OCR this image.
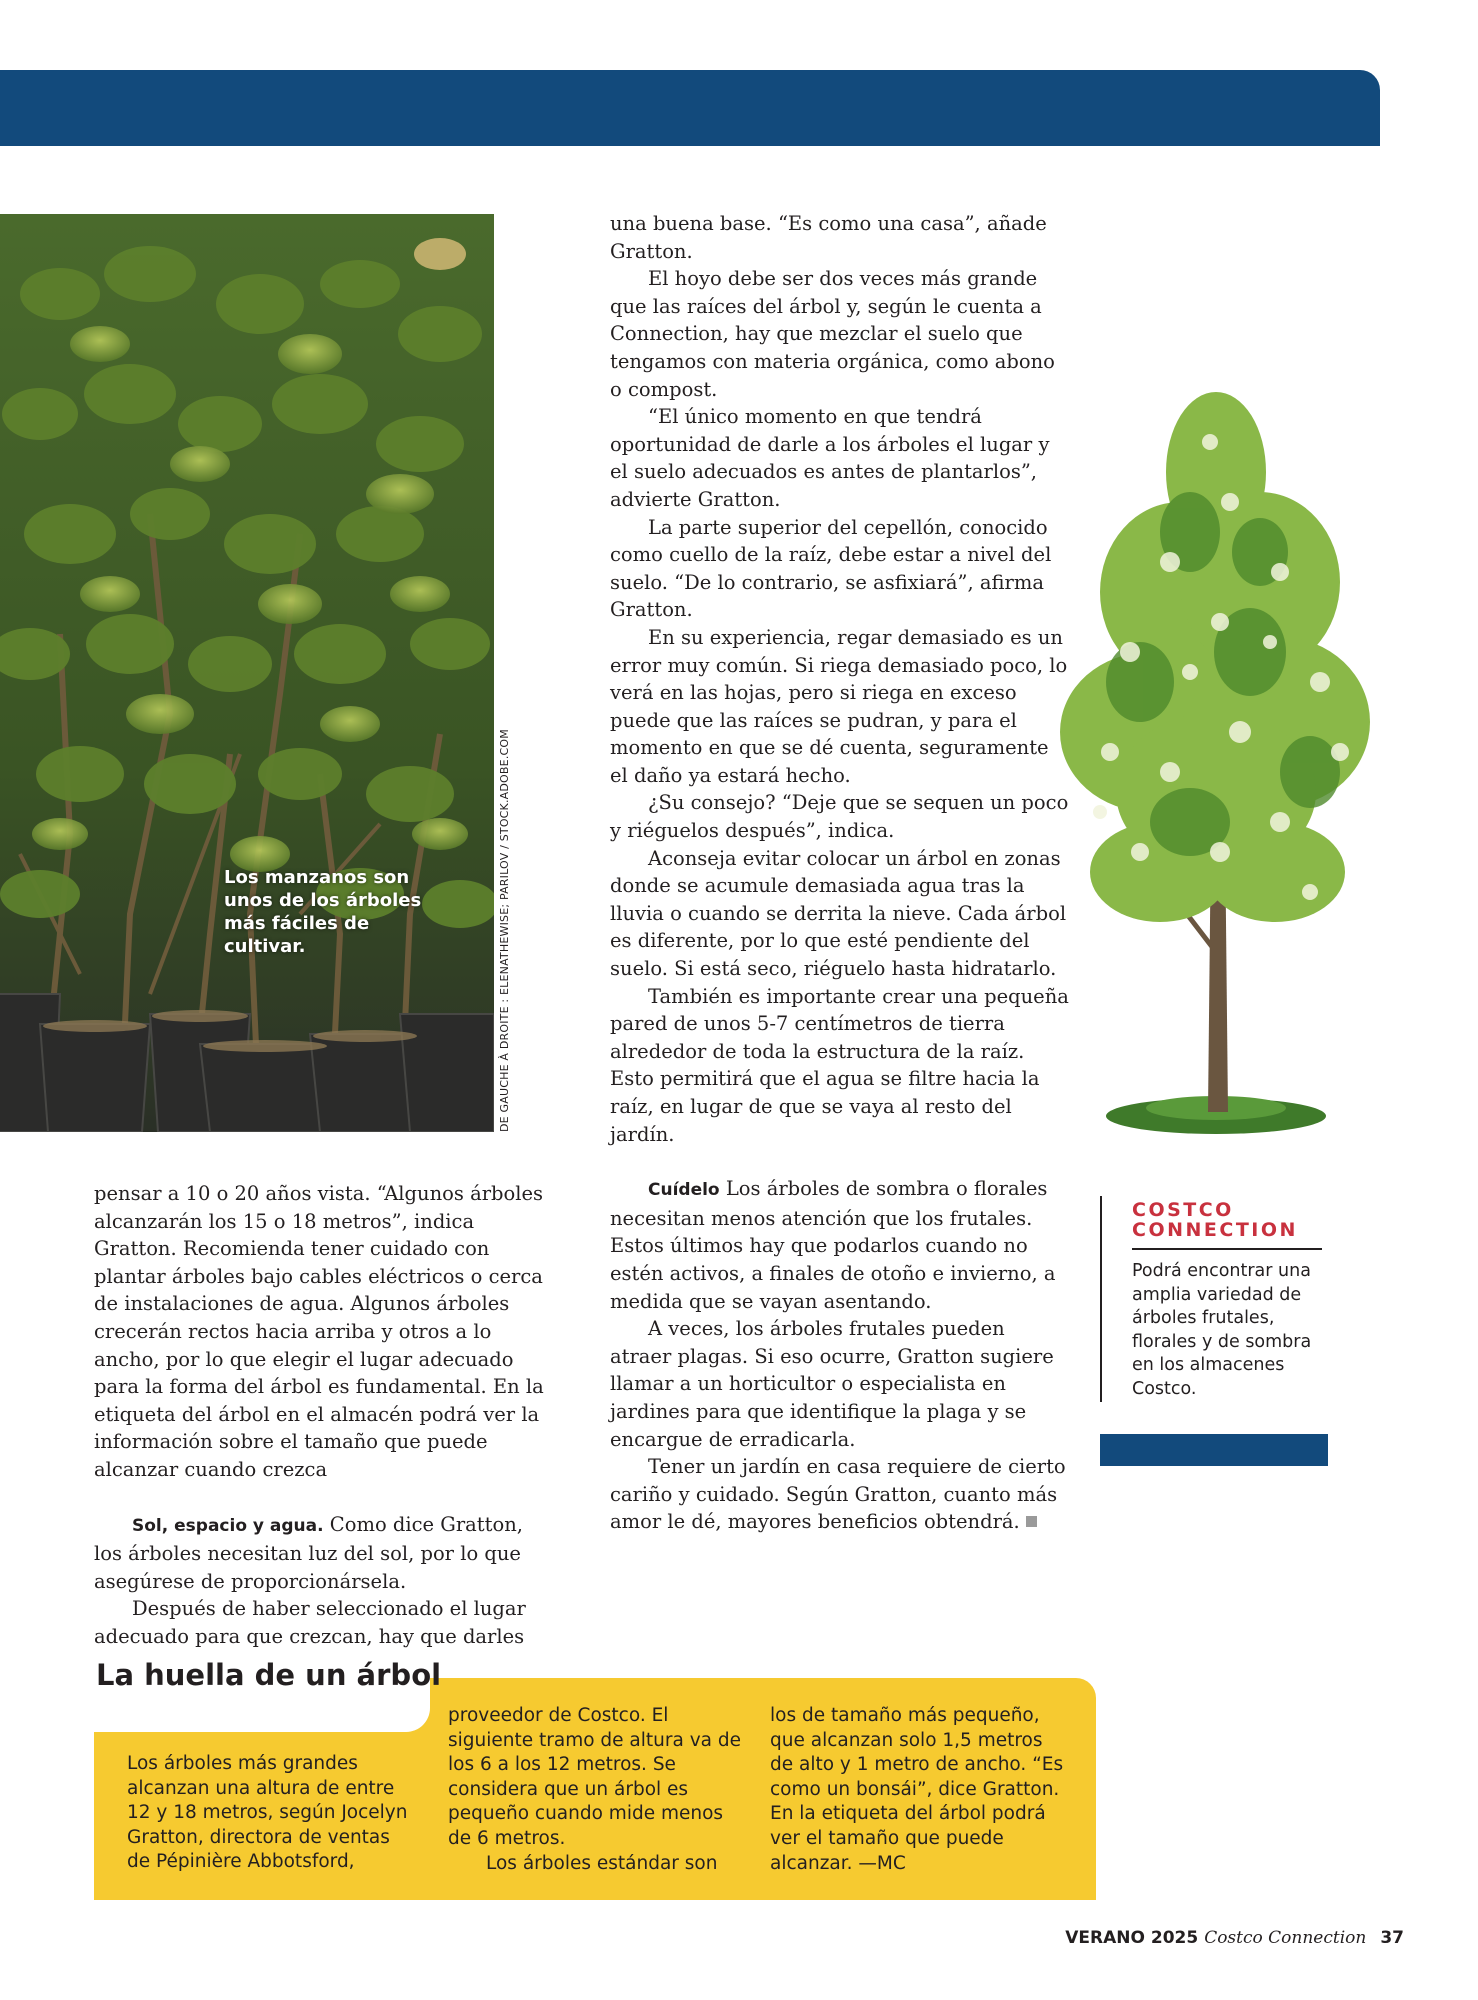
Los manzanos son unos de los árboles más fáciles de cultivar.	DE GAUCHE À DROITE : ELENATHEWISE; PARILOV / STOCK.ADOBE.COM

pensar a 10 o 20 años vista. “Algunos árboles alcanzarán los 15 o 18 metros”, indica Gratton. Recomienda tener cuidado con plantar árboles bajo cables eléctricos o cerca de instalaciones de agua. Algunos árboles crecerán rectos hacia arriba y otros a lo ancho, por lo que elegir el lugar adecuado para la forma del árbol es fundamental. En la etiqueta del árbol en el almacén podrá ver la información sobre el tamaño que puede alcanzar cuando crezca

Sol, espacio y agua. Como dice Gratton, los árboles necesitan luz del sol, por lo que asegúrese de proporcionársela.

Después de haber seleccionado el lugar adecuado para que crezcan, hay que darles

una buena base. “Es como una casa”, añade Gratton.

El hoyo debe ser dos veces más grande que las raíces del árbol y, según le cuenta a Connection, hay que mezclar el suelo que tengamos con materia orgánica, como abono o compost.

“El único momento en que tendrá oportunidad de darle a los árboles el lugar y el suelo adecuados es antes de plantarlos”, advierte Gratton.

La parte superior del cepellón, conocido como cuello de la raíz, debe estar a nivel del suelo. “De lo contrario, se asfixiará”, afirma Gratton.

En su experiencia, regar demasiado es un error muy común. Si riega demasiado poco, lo verá en las hojas, pero si riega en exceso puede que las raíces se pudran, y para el momento en que se dé cuenta, seguramente el daño ya estará hecho.

¿Su consejo? “Deje que se sequen un poco y riéguelos después”, indica.

Aconseja evitar colocar un árbol en zonas donde se acumule demasiada agua tras la lluvia o cuando se derrita la nieve. Cada árbol es diferente, por lo que esté pendiente del suelo. Si está seco, riéguelo hasta hidratarlo.

También es importante crear una pequeña pared de unos 5-7 centímetros de tierra alrededor de toda la estructura de la raíz. Esto permitirá que el agua se filtre hacia la raíz, en lugar de que se vaya al resto del jardín.

Cuídelo Los árboles de sombra o florales necesitan menos atención que los frutales. Estos últimos hay que podarlos cuando no estén activos, a finales de otoño e invierno, a medida que se vayan asentando.

A veces, los árboles frutales pueden atraer plagas. Si eso ocurre, Gratton sugiere llamar a un horticultor o especialista en jardines para que identifique la plaga y se encargue de erradicarla.

Tener un jardín en casa requiere de cierto cariño y cuidado. Según Gratton, cuanto más amor le dé, mayores beneficios obtendrá.

COSTCO CONNECTION
Podrá encontrar una amplia variedad de árboles frutales, florales y de sombra en los almacenes Costco.
La huella de un árbol

Los árboles más grandes alcanzan una altura de entre 12 y 18 metros, según Jocelyn Gratton, directora de ventas de Pépinière Abbotsford,

proveedor de Costco. El siguiente tramo de altura va de los 6 a los 12 metros. Se considera que un árbol es pequeño cuando mide menos de 6 metros.

Los árboles estándar son

los de tamaño más pequeño, que alcanzan solo 1,5 metros de alto y 1 metro de ancho. “Es como un bonsái”, dice Gratton. En la etiqueta del árbol podrá ver el tamaño que puede alcanzar. —MC

VERANO 2025 Costco Connection 37
